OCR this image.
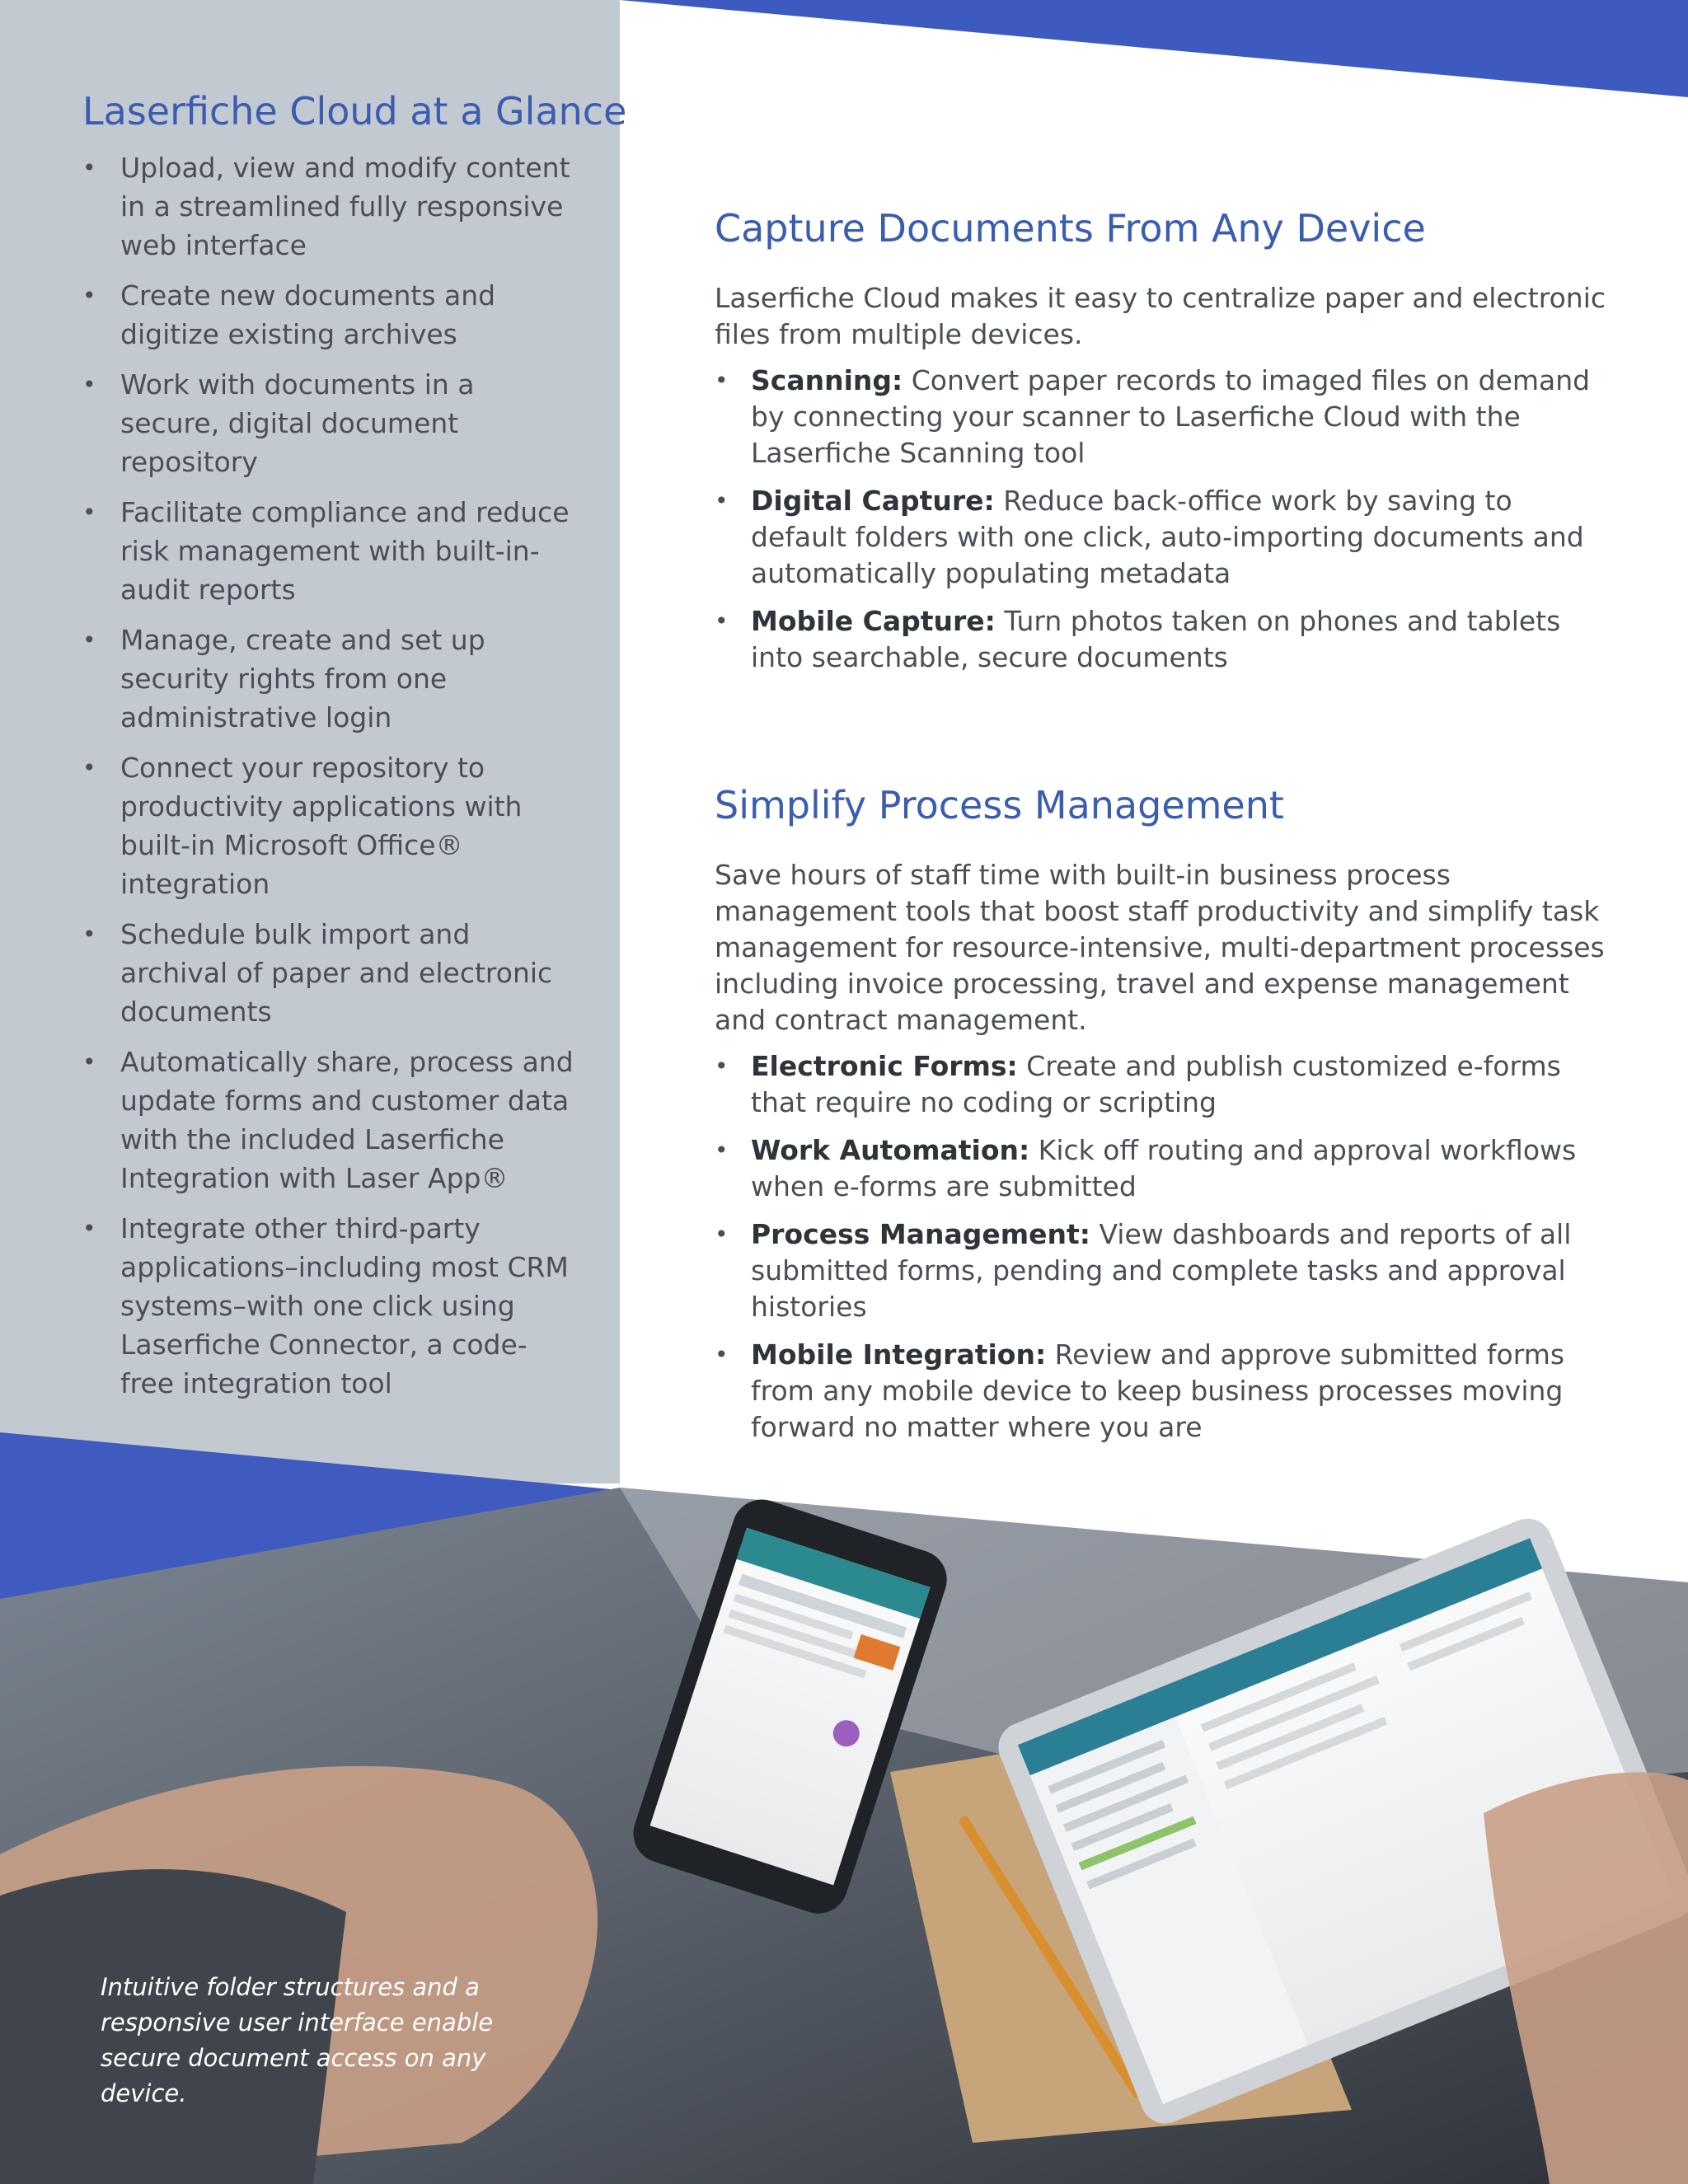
Laserfiche Cloud at a Glance
• Upload, view and modify content in a streamlined fully responsive web interface
• Create new documents and digitize existing archives
• Work with documents in a secure, digital document repository
• Facilitate compliance and reduce risk management with built-in-audit reports
• Manage, create and set up security rights from one administrative login
• Connect your repository to productivity applications with built-in Microsoft Office® integration
• Schedule bulk import and archival of paper and electronic documents
• Automatically share, process and update forms and customer data with the included Laserfiche Integration with Laser App®
• Integrate other third-party applications–including most CRM systems–with one click using Laserfiche Connector, a code-free integration tool
Capture Documents From Any Device

Laserfiche Cloud makes it easy to centralize paper and electronic files from multiple devices.

• Scanning: Convert paper records to imaged files on demand by connecting your scanner to Laserfiche Cloud with the Laserfiche Scanning tool
• Digital Capture: Reduce back-office work by saving to default folders with one click, auto-importing documents and automatically populating metadata
• Mobile Capture: Turn photos taken on phones and tablets into searchable, secure documents
Simplify Process Management

Save hours of staff time with built-in business process management tools that boost staff productivity and simplify task management for resource-intensive, multi-department processes including invoice processing, travel and expense management and contract management.

• Electronic Forms: Create and publish customized e-forms that require no coding or scripting
• Work Automation: Kick off routing and approval workflows when e-forms are submitted
• Process Management: View dashboards and reports of all submitted forms, pending and complete tasks and approval histories
• Mobile Integration: Review and approve submitted forms from any mobile device to keep business processes moving forward no matter where you are

Intuitive folder structures and a responsive user interface enable secure document access on any device.
